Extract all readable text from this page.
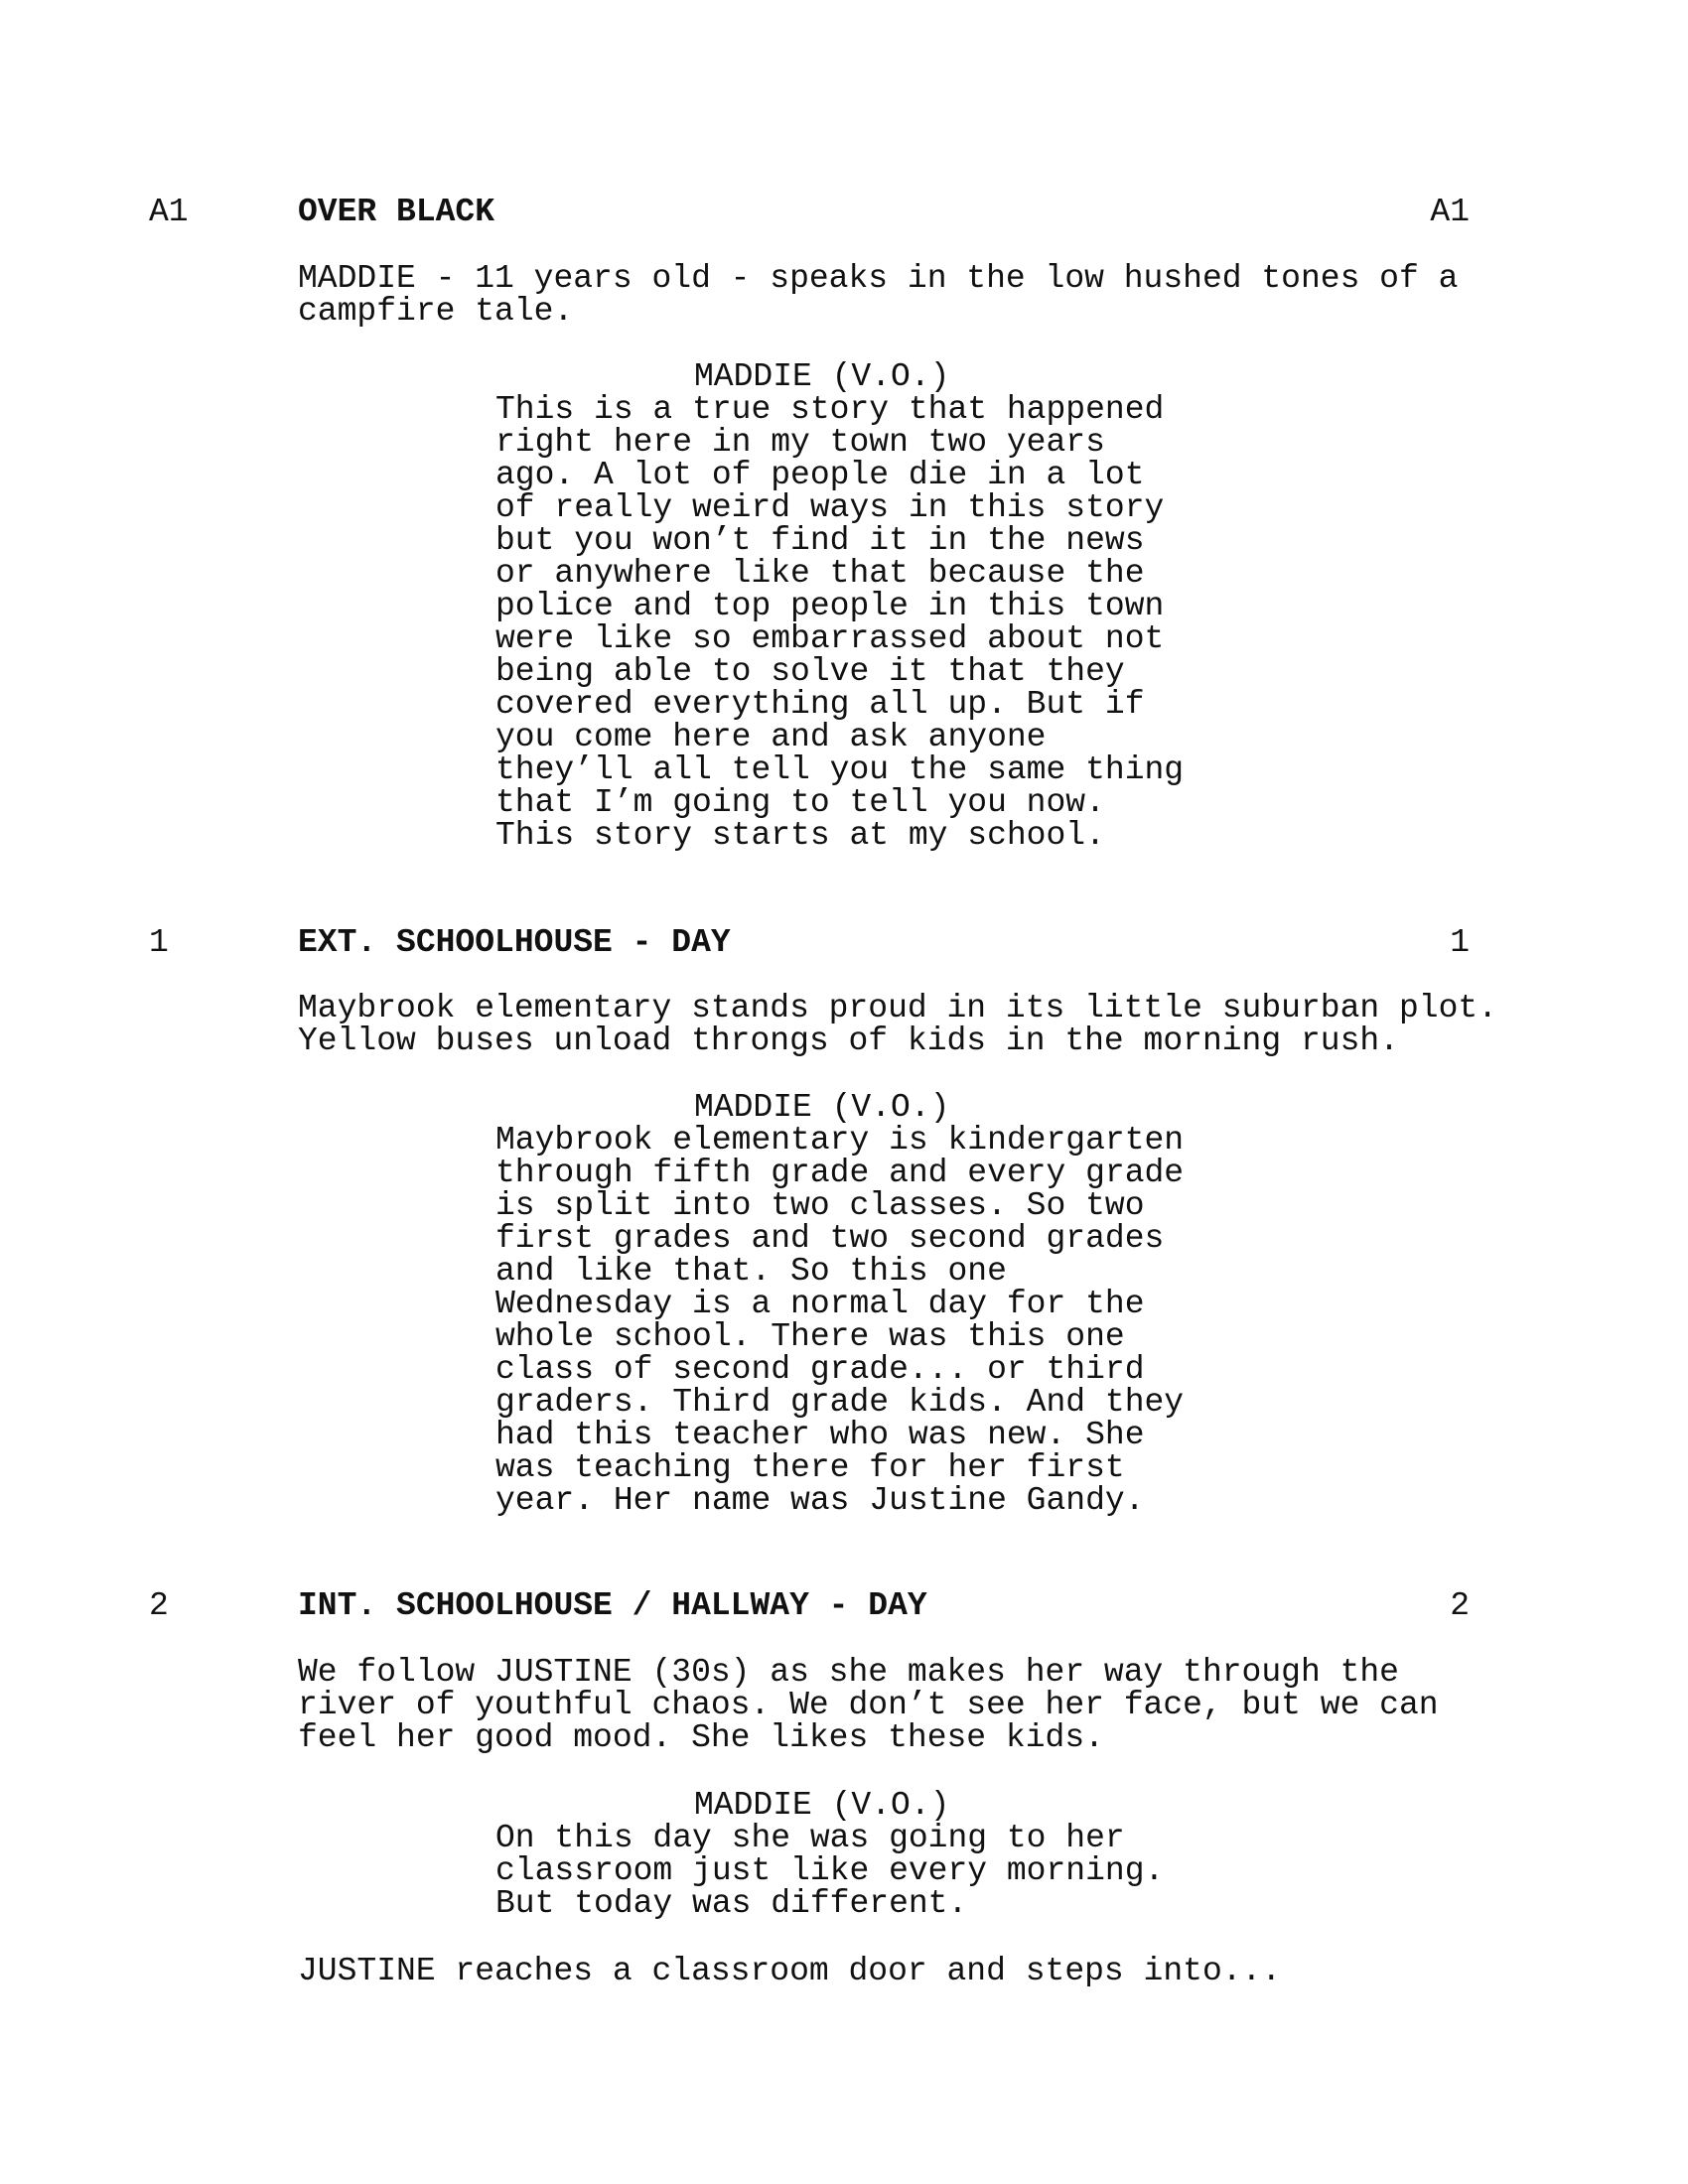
A1	OVER BLACK	A1
MADDIE - 11 years old - speaks in the low hushed tones of a
campfire tale.
MADDIE (V.O.)
This is a true story that happened
right here in my town two years
ago. A lot of people die in a lot
of really weird ways in this story
but you won’t find it in the news
or anywhere like that because the
police and top people in this town
were like so embarrassed about not
being able to solve it that they
covered everything all up. But if
you come here and ask anyone
they’ll all tell you the same thing
that I’m going to tell you now.
This story starts at my school.
1	EXT. SCHOOLHOUSE - DAY	1
Maybrook elementary stands proud in its little suburban plot.
Yellow buses unload throngs of kids in the morning rush.
MADDIE (V.O.)
Maybrook elementary is kindergarten
through fifth grade and every grade
is split into two classes. So two
first grades and two second grades
and like that. So this one
Wednesday is a normal day for the
whole school. There was this one
class of second grade... or third
graders. Third grade kids. And they
had this teacher who was new. She
was teaching there for her first
year. Her name was Justine Gandy.
2	INT. SCHOOLHOUSE / HALLWAY - DAY	2
We follow JUSTINE (30s) as she makes her way through the
river of youthful chaos. We don’t see her face, but we can
feel her good mood. She likes these kids.
MADDIE (V.O.)
On this day she was going to her
classroom just like every morning.
But today was different.
JUSTINE reaches a classroom door and steps into...
